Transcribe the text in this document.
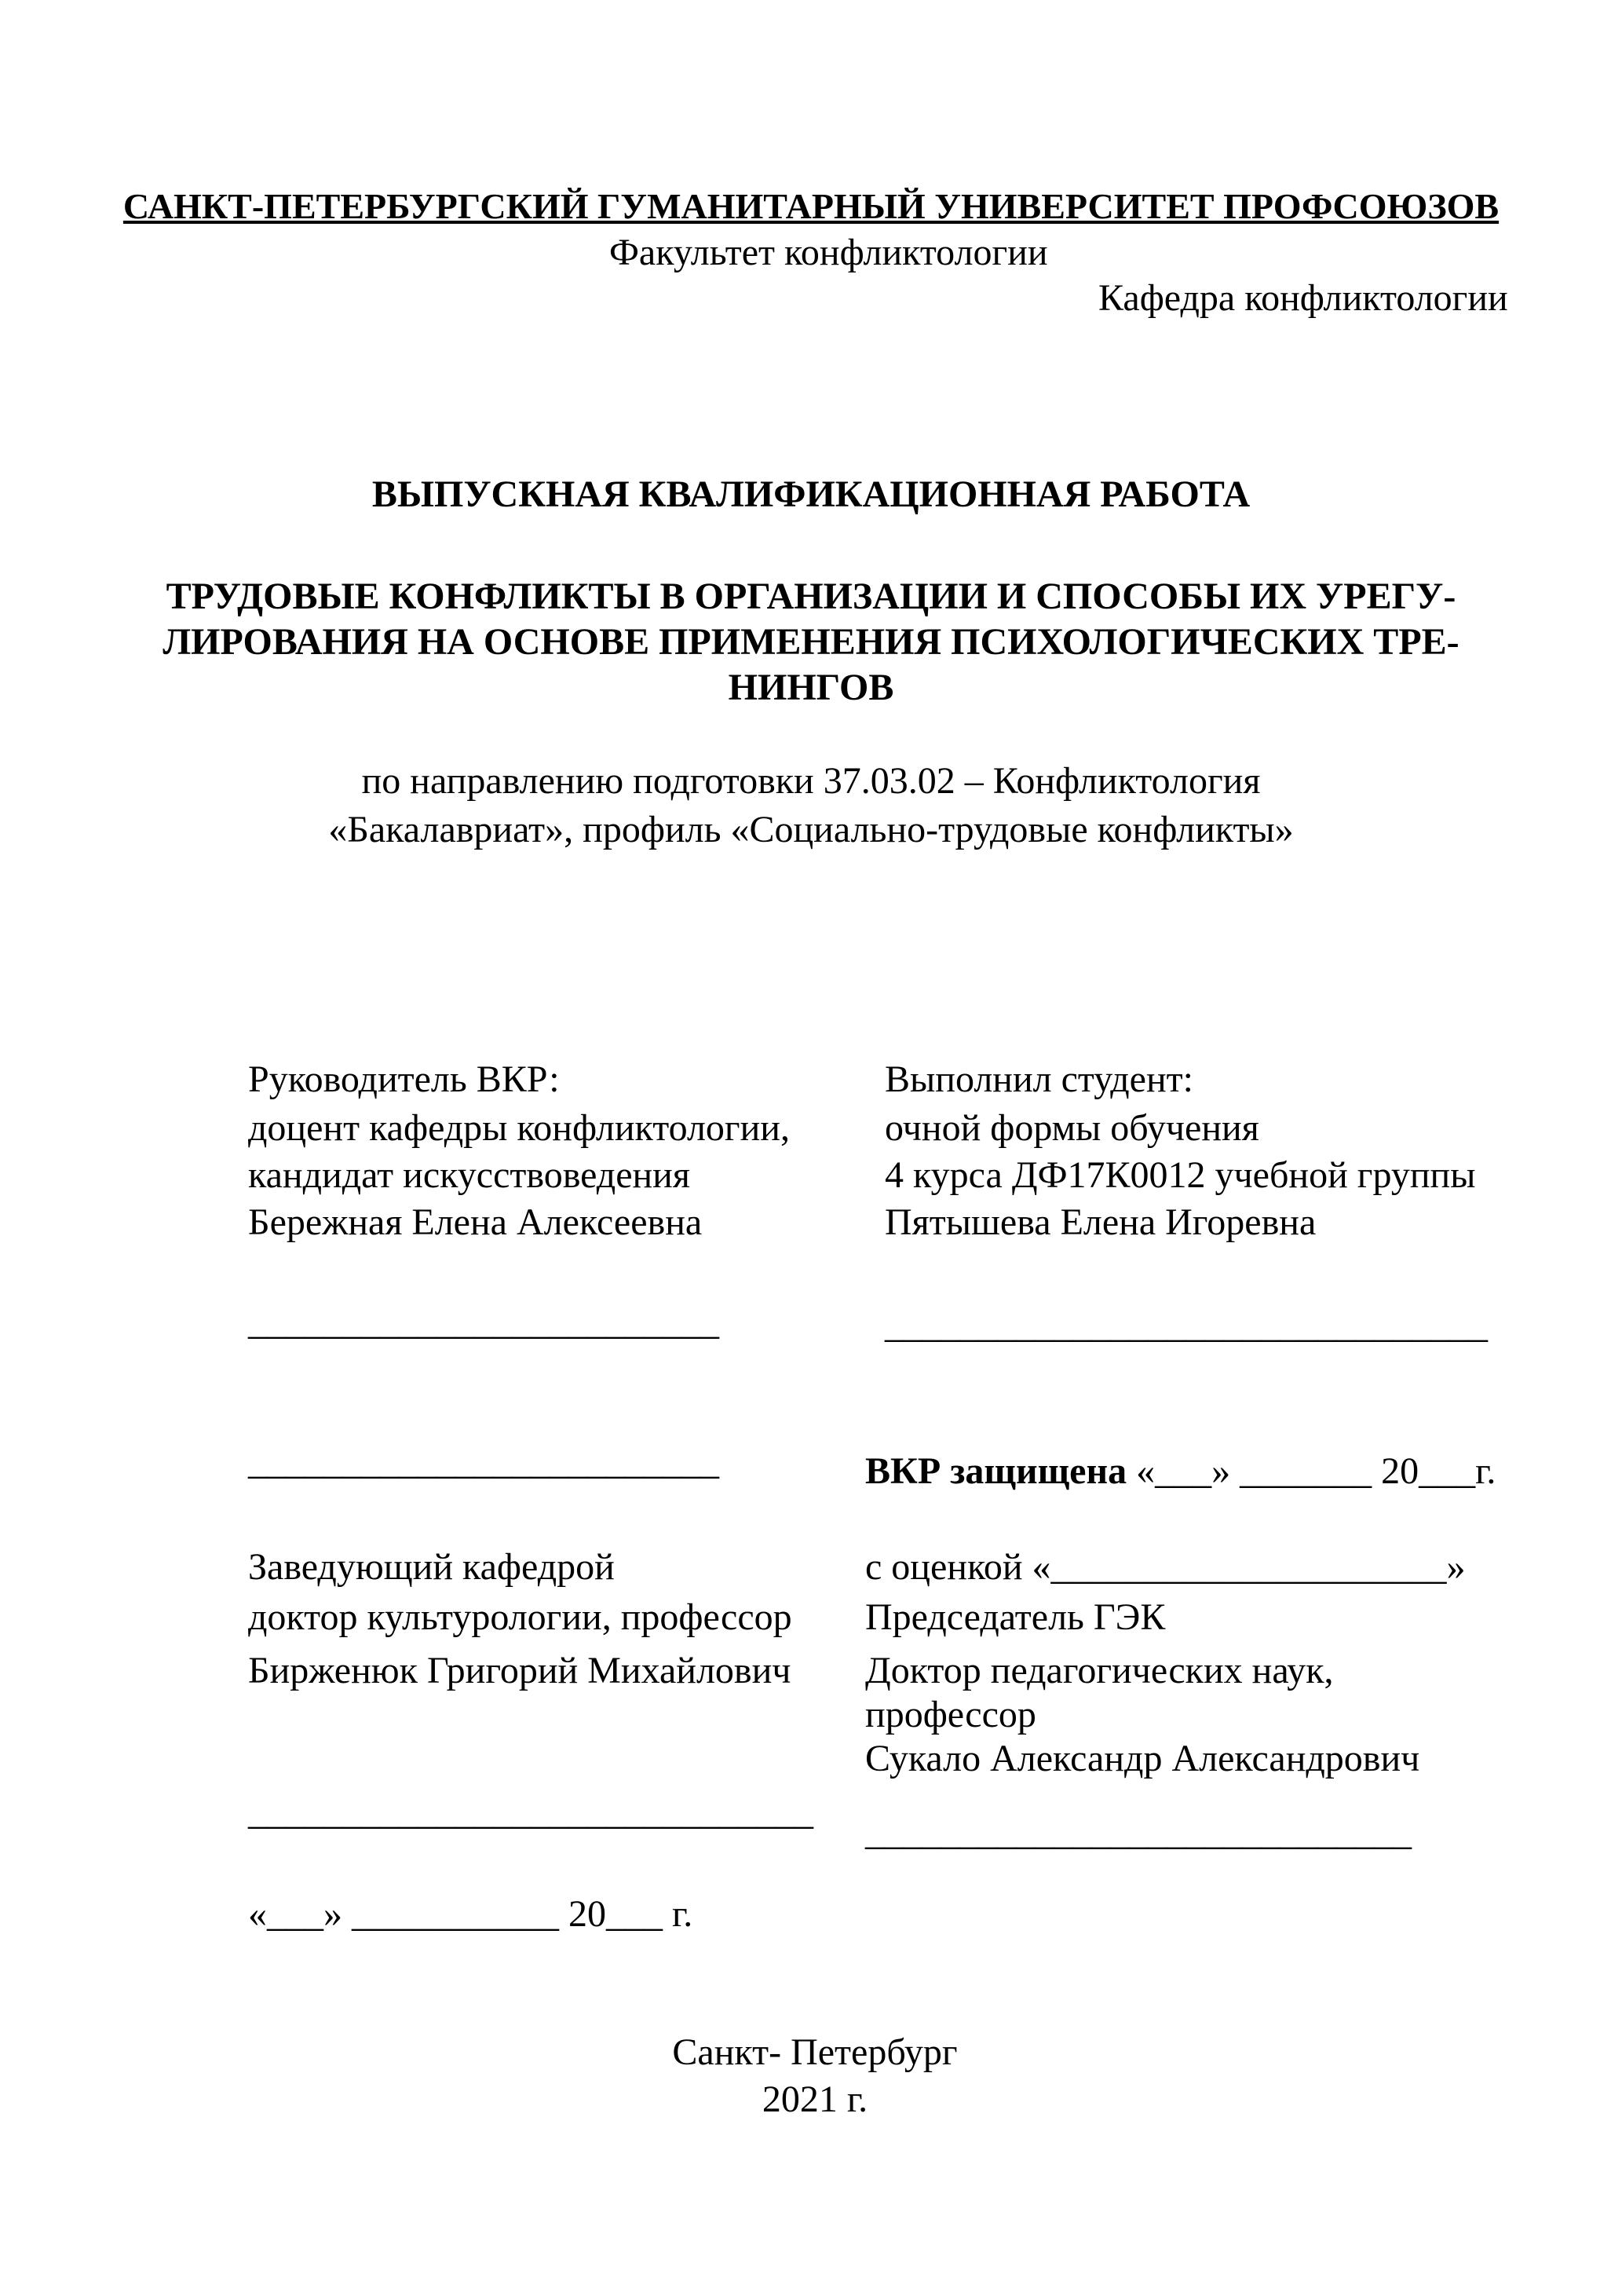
САНКТ-ПЕТЕРБУРГСКИЙ ГУМАНИТАРНЫЙ УНИВЕРСИТЕТ ПРОФСОЮЗОВ
Факультет конфликтологии
Кафедра конфликтологии
ВЫПУСКНАЯ КВАЛИФИКАЦИОННАЯ РАБОТА
ТРУДОВЫЕ КОНФЛИКТЫ В ОРГАНИЗАЦИИ И СПОСОБЫ ИХ УРЕГУ-
ЛИРОВАНИЯ НА ОСНОВЕ ПРИМЕНЕНИЯ ПСИХОЛОГИЧЕСКИХ ТРЕ-
НИНГОВ
по направлению подготовки 37.03.02 – Конфликтология
«Бакалавриат», профиль «Социально-трудовые конфликты»
Руководитель ВКР:
доцент кафедры конфликтологии,
кандидат искусствоведения
Бережная Елена Алексеевна
_________________________
_________________________
Выполнил студент:
очной формы обучения
4 курса ДФ17К0012 учебной группы
Пятышева Елена Игоревна
________________________________
ВКР защищена «___» _______ 20___г.
с оценкой «_____________________»
Председатель ГЭК
Доктор педагогических наук,
профессор
Сукало Александр Александрович
_____________________________
Заведующий кафедрой
доктор культурологии, профессор
Бирженюк Григорий Михайлович
______________________________
«___» ___________ 20___ г.
Санкт- Петербург
2021 г.
